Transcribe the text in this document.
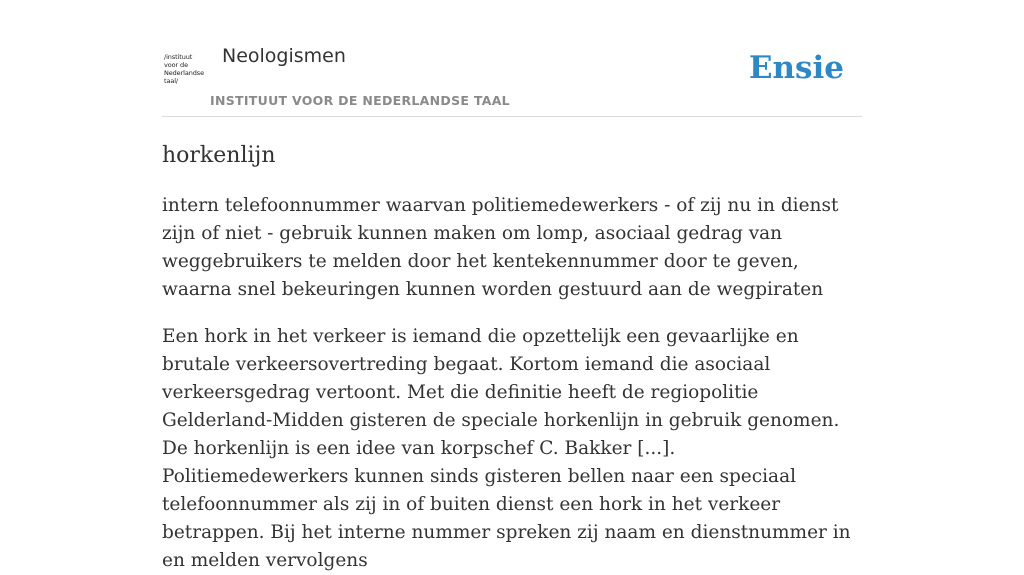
/instituut
voor de
Nederlandse
taal/
Neologismen
INSTITUUT VOOR DE NEDERLANDSE TAAL
Ensie
horkenlijn

intern telefoonnummer waarvan politiemedewerkers - of zij nu in dienst zijn of niet - gebruik kunnen maken om lomp, asociaal gedrag van weggebruikers te melden door het kentekennummer door te geven, waarna snel bekeuringen kunnen worden gestuurd aan de wegpiraten

Een hork in het verkeer is iemand die opzettelijk een gevaarlijke en brutale verkeersovertreding begaat. Kortom iemand die asociaal verkeersgedrag vertoont. Met die definitie heeft de regiopolitie Gelderland-Midden gisteren de speciale horkenlijn in gebruik genomen. De horkenlijn is een idee van korpschef C. Bakker [...]. Politiemedewerkers kunnen sinds gisteren bellen naar een speciaal telefoonnummer als zij in of buiten dienst een hork in het verkeer betrappen. Bij het interne nummer spreken zij naam en dienstnummer in en melden vervolgens
